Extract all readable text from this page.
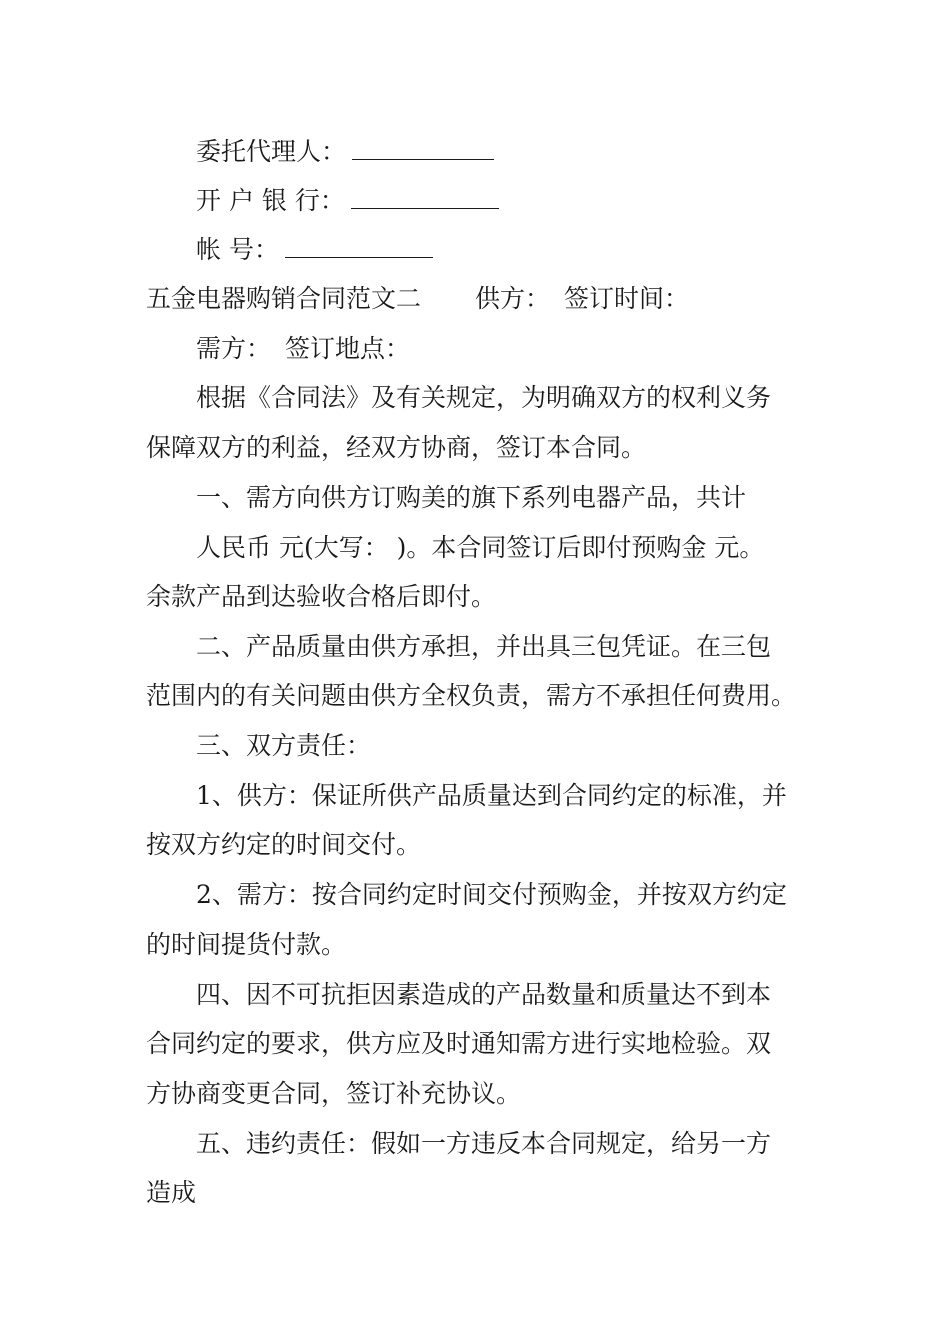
委托代理人：
开 户 银 行：
帐 号：
五金电器购销合同范文二 供方： 签订时间：
需方： 签订地点：
根据《合同法》及有关规定，为明确双方的权利义务
保障双方的利益，经双方协商，签订本合同。
一、需方向供方订购美的旗下系列电器产品，共计
人民币 元(大写： )。本合同签订后即付预购金 元。
余款产品到达验收合格后即付。
二、产品质量由供方承担，并出具三包凭证。在三包
范围内的有关问题由供方全权负责，需方不承担任何费用。
三、双方责任：
1、供方：保证所供产品质量达到合同约定的标准，并
按双方约定的时间交付。
2、需方：按合同约定时间交付预购金，并按双方约定
的时间提货付款。
四、因不可抗拒因素造成的产品数量和质量达不到本
合同约定的要求，供方应及时通知需方进行实地检验。双
方协商变更合同，签订补充协议。
五、违约责任：假如一方违反本合同规定，给另一方
造成
